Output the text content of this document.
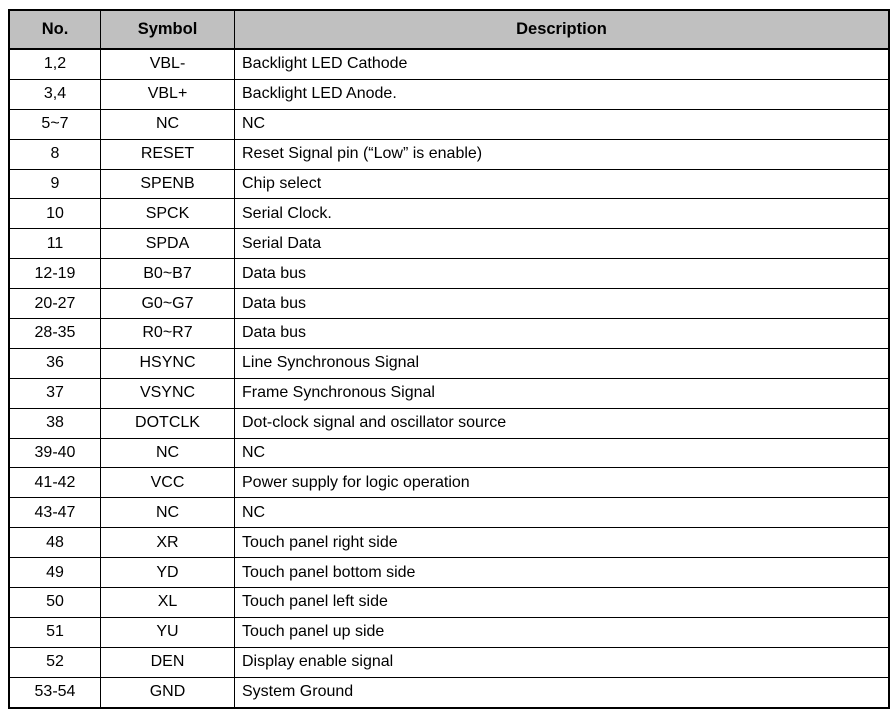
No.	Symbol	Description
1,2	VBL-	Backlight LED Cathode
3,4	VBL+	Backlight LED Anode.
5~7	NC	NC
8	RESET	Reset Signal pin (“Low” is enable)
9	SPENB	Chip select
10	SPCK	Serial Clock.
11	SPDA	Serial Data
12-19	B0~B7	Data bus
20-27	G0~G7	Data bus
28-35	R0~R7	Data bus
36	HSYNC	Line Synchronous Signal
37	VSYNC	Frame Synchronous Signal
38	DOTCLK	Dot-clock signal and oscillator source
39-40	NC	NC
41-42	VCC	Power supply for logic operation
43-47	NC	NC
48	XR	Touch panel right side
49	YD	Touch panel bottom side
50	XL	Touch panel left side
51	YU	Touch panel up side
52	DEN	Display enable signal
53-54	GND	System Ground
